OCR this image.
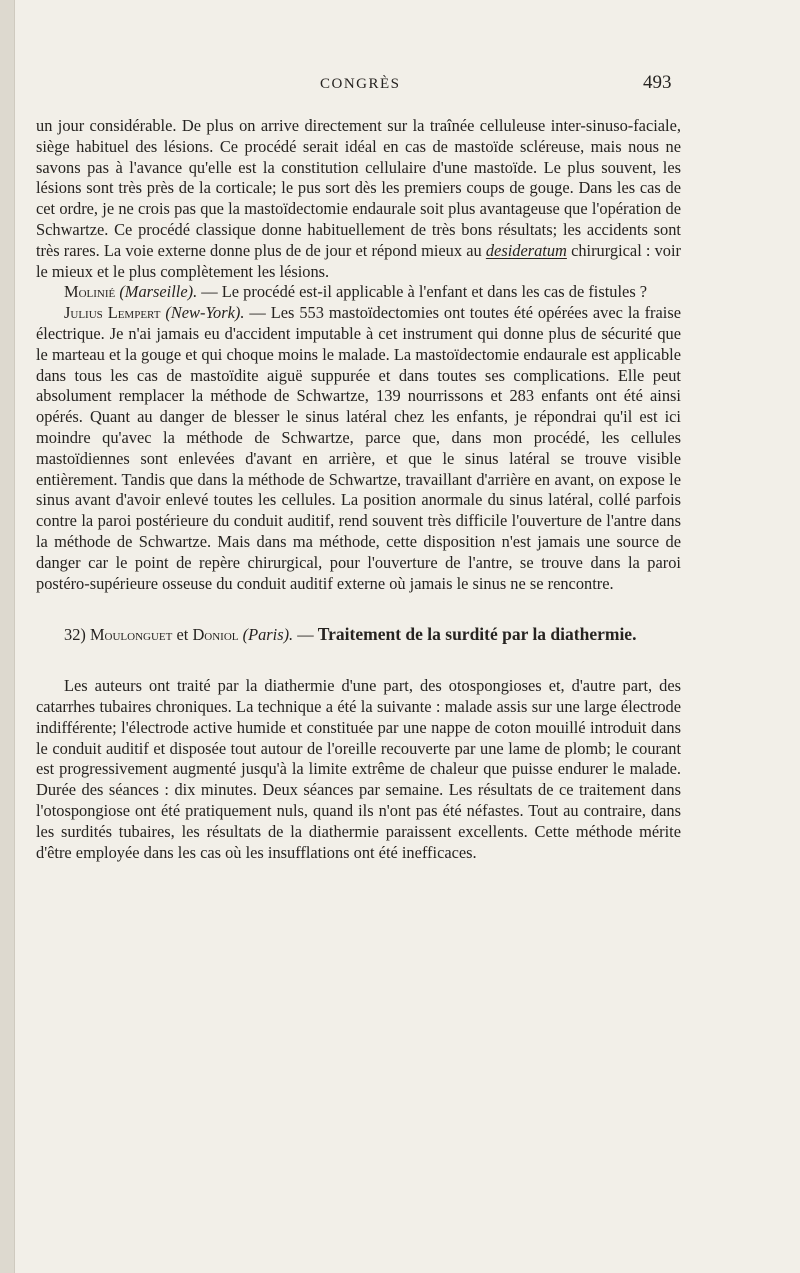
CONGRÈS	493

un jour considérable. De plus on arrive directement sur la traînée celluleuse inter-sinuso-faciale, siège habituel des lésions. Ce procédé serait idéal en cas de mastoïde scléreuse, mais nous ne savons pas à l'avance qu'elle est la constitution cellulaire d'une mastoïde. Le plus souvent, les lésions sont très près de la corticale; le pus sort dès les premiers coups de gouge. Dans les cas de cet ordre, je ne crois pas que la mastoïdectomie endaurale soit plus avantageuse que l'opération de Schwartze. Ce procédé classique donne habituellement de très bons résultats; les accidents sont très rares. La voie externe donne plus de de jour et répond mieux au desideratum chirurgical : voir le mieux et le plus complètement les lésions.

Molinié (Marseille). — Le procédé est-il applicable à l'enfant et dans les cas de fistules ?

Julius Lempert (New-York). — Les 553 mastoïdectomies ont toutes été opérées avec la fraise électrique. Je n'ai jamais eu d'accident imputable à cet instrument qui donne plus de sécurité que le marteau et la gouge et qui choque moins le malade. La mastoïdectomie endaurale est applicable dans tous les cas de mastoïdite aiguë suppurée et dans toutes ses complications. Elle peut absolument remplacer la méthode de Schwartze, 139 nourrissons et 283 enfants ont été ainsi opérés. Quant au danger de blesser le sinus latéral chez les enfants, je répondrai qu'il est ici moindre qu'avec la méthode de Schwartze, parce que, dans mon procédé, les cellules mastoïdiennes sont enlevées d'avant en arrière, et que le sinus latéral se trouve visible entièrement. Tandis que dans la méthode de Schwartze, travaillant d'arrière en avant, on expose le sinus avant d'avoir enlevé toutes les cellules. La position anormale du sinus latéral, collé parfois contre la paroi postérieure du conduit auditif, rend souvent très difficile l'ouverture de l'antre dans la méthode de Schwartze. Mais dans ma méthode, cette disposition n'est jamais une source de danger car le point de repère chirurgical, pour l'ouverture de l'antre, se trouve dans la paroi postéro-supérieure osseuse du conduit auditif externe où jamais le sinus ne se rencontre.

32) Moulonguet et Doniol (Paris). — Traitement de la surdité par la diathermie.

Les auteurs ont traité par la diathermie d'une part, des otospongioses et, d'autre part, des catarrhes tubaires chroniques. La technique a été la suivante : malade assis sur une large électrode indifférente; l'électrode active humide et constituée par une nappe de coton mouillé introduit dans le conduit auditif et disposée tout autour de l'oreille recouverte par une lame de plomb; le courant est progressivement augmenté jusqu'à la limite extrême de chaleur que puisse endurer le malade. Durée des séances : dix minutes. Deux séances par semaine. Les résultats de ce traitement dans l'otospongiose ont été pratiquement nuls, quand ils n'ont pas été néfastes. Tout au contraire, dans les surdités tubaires, les résultats de la diathermie paraissent excellents. Cette méthode mérite d'être employée dans les cas où les insufflations ont été inefficaces.
